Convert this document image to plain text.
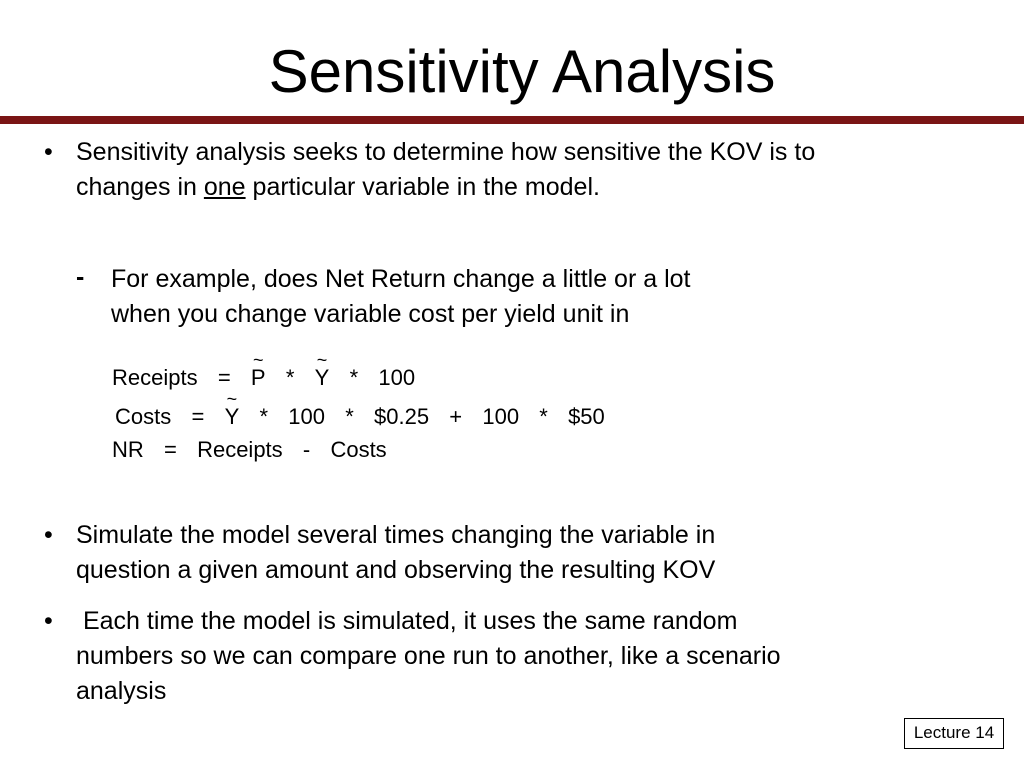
Sensitivity Analysis
• Sensitivity analysis seeks to determine how sensitive the KOV is to
changes in one particular variable in the model.
- For example, does Net Return change a little or a lot
when you change variable cost per yield unit in
Receipts =
~
P *
~
Y * 100
Costs =
~
Y *  100  *  $0.25  +  100  *  $50
NR  =  Receipts  -  Costs
• Simulate the model several times changing the variable in
question a given amount and observing the resulting KOV
• Each time the model is simulated, it uses the same random
numbers so we can compare one run to another, like a scenario
analysis
Lecture 14
